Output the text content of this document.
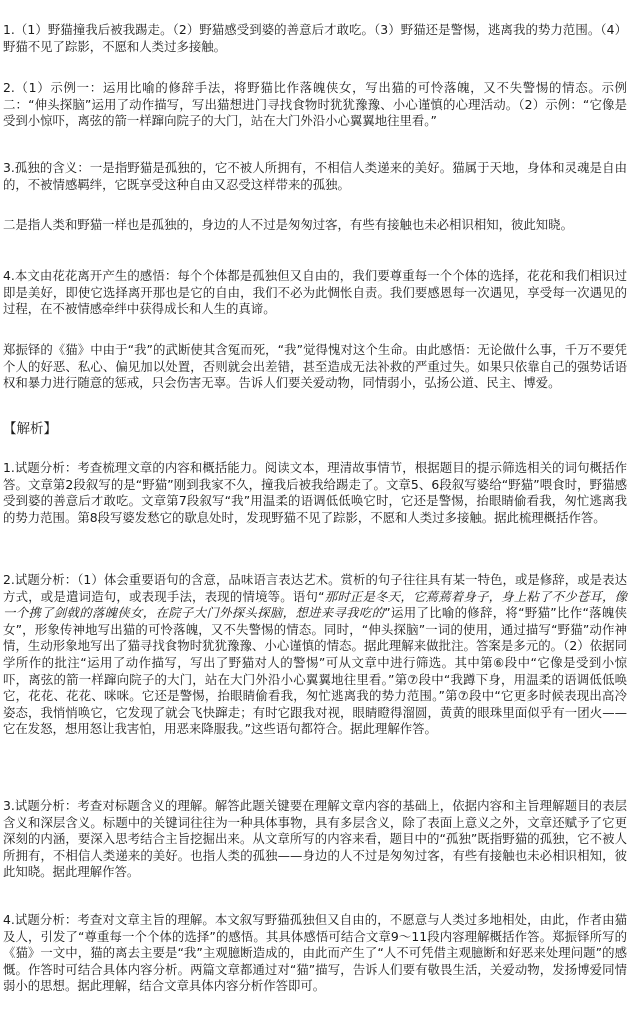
1.（1）野猫撞我后被我踢走。（2）野猫感受到婆的善意后才敢吃。（3）野猫还是警惕，逃离我的势力范围。（4）野猫不见了踪影，不愿和人类过多接触。

2.（1）示例一：运用比喻的修辞手法，将野猫比作落魄侠女，写出猫的可怜落魄，又不失警惕的情态。示例二：“伸头探脑”运用了动作描写，写出猫想进门寻找食物时犹犹豫豫、小心谨慎的心理活动。（2）示例：“它像是受到小惊吓，离弦的箭一样蹿向院子的大门，站在大门外沿小心翼翼地往里看。”

3.孤独的含义：一是指野猫是孤独的，它不被人所拥有，不相信人类递来的美好。猫属于天地，身体和灵魂是自由的，不被情感羁绊，它既享受这种自由又忍受这样带来的孤独。

二是指人类和野猫一样也是孤独的，身边的人不过是匆匆过客，有些有接触也未必相识相知，彼此知晓。

4.本文由花花离开产生的感悟：每个个体都是孤独但又自由的，我们要尊重每一个个体的选择，花花和我们相识过即是美好，即使它选择离开那也是它的自由，我们不必为此惆怅自责。我们要感恩每一次遇见，享受每一次遇见的过程，在不被情感牵绊中获得成长和人生的真谛。

郑振铎的《猫》中由于“我”的武断使其含冤而死，“我”觉得愧对这个生命。由此感悟：无论做什么事，千万不要凭个人的好恶、私心、偏见加以处置，否则就会出差错，甚至造成无法补救的严重过失。如果只依靠自己的强势话语权和暴力进行随意的惩戒，只会伤害无辜。告诉人们要关爱动物，同情弱小，弘扬公道、民主、博爱。

【解析】

1.试题分析：考查梳理文章的内容和概括能力。阅读文本，理清故事情节，根据题目的提示筛选相关的词句概括作答。文章第2段叙写的是“野猫”刚到我家不久，撞我后被我给踢走了。文章5、6段叙写婆给“野猫”喂食时，野猫感受到婆的善意后才敢吃。文章第7段叙写“我”用温柔的语调低低唤它时，它还是警惕，抬眼睛偷看我，匆忙逃离我的势力范围。第8段写婆发愁它的歇息处时，发现野猫不见了踪影，不愿和人类过多接触。据此梳理概括作答。

2.试题分析：（1）体会重要语句的含意，品味语言表达艺术。赏析的句子往往具有某一特色，或是修辞，或是表达方式，或是遣词造句，或表现手法，表现的情境等。语句“那时正是冬天，它蔫蔫着身子，身上粘了不少苍耳，像一个携了剑戟的落魄侠女，在院子大门外探头探脑，想进来寻我吃的”运用了比喻的修辞，将“野猫”比作“落魄侠女”，形象传神地写出猫的可怜落魄，又不失警惕的情态。同时，“伸头探脑”一词的使用，通过描写“野猫”动作神情，生动形象地写出了猫寻找食物时犹犹豫豫、小心谨慎的情态。据此理解来做批注。答案是多元的。（2）依据同学所作的批注“运用了动作描写，写出了野猫对人的警惕”可从文章中进行筛选。其中第⑥段中“它像是受到小惊吓，离弦的箭一样蹿向院子的大门，站在大门外沿小心翼翼地往里看。”第⑦段中“我蹲下身，用温柔的语调低低唤它，花花、花花、咪咪。它还是警惕，抬眼睛偷看我，匆忙逃离我的势力范围。”第⑦段中“它更多时候表现出高冷姿态，我悄悄唤它，它发现了就会飞快蹿走；有时它跟我对视，眼睛瞪得溜圆，黄黄的眼珠里面似乎有一团火——它在发怒，想用怒让我害怕，用恶来降服我。”这些语句都符合。据此理解作答。

3.试题分析：考查对标题含义的理解。解答此题关键要在理解文章内容的基础上，依据内容和主旨理解题目的表层含义和深层含义。标题中的关键词往往为一种具体事物，具有多层含义，除了表面上意义之外，文章还赋予了它更深刻的内涵，要深入思考结合主旨挖掘出来。从文章所写的内容来看，题目中的“孤独”既指野猫的孤独，它不被人所拥有，不相信人类递来的美好。也指人类的孤独——身边的人不过是匆匆过客，有些有接触也未必相识相知，彼此知晓。据此理解作答。

4.试题分析：考查对文章主旨的理解。本文叙写野猫孤独但又自由的，不愿意与人类过多地相处，由此，作者由猫及人，引发了“尊重每一个个体的选择”的感悟。其具体感悟可结合文章9～11段内容理解概括作答。郑振铎所写的《猫》一文中，猫的离去主要是“我”主观臆断造成的，由此而产生了“人不可凭借主观臆断和好恶来处理问题”的感慨。作答时可结合具体内容分析。两篇文章都通过对“猫”描写，告诉人们要有敬畏生活，关爱动物，发扬博爱同情弱小的思想。据此理解，结合文章具体内容分析作答即可。
